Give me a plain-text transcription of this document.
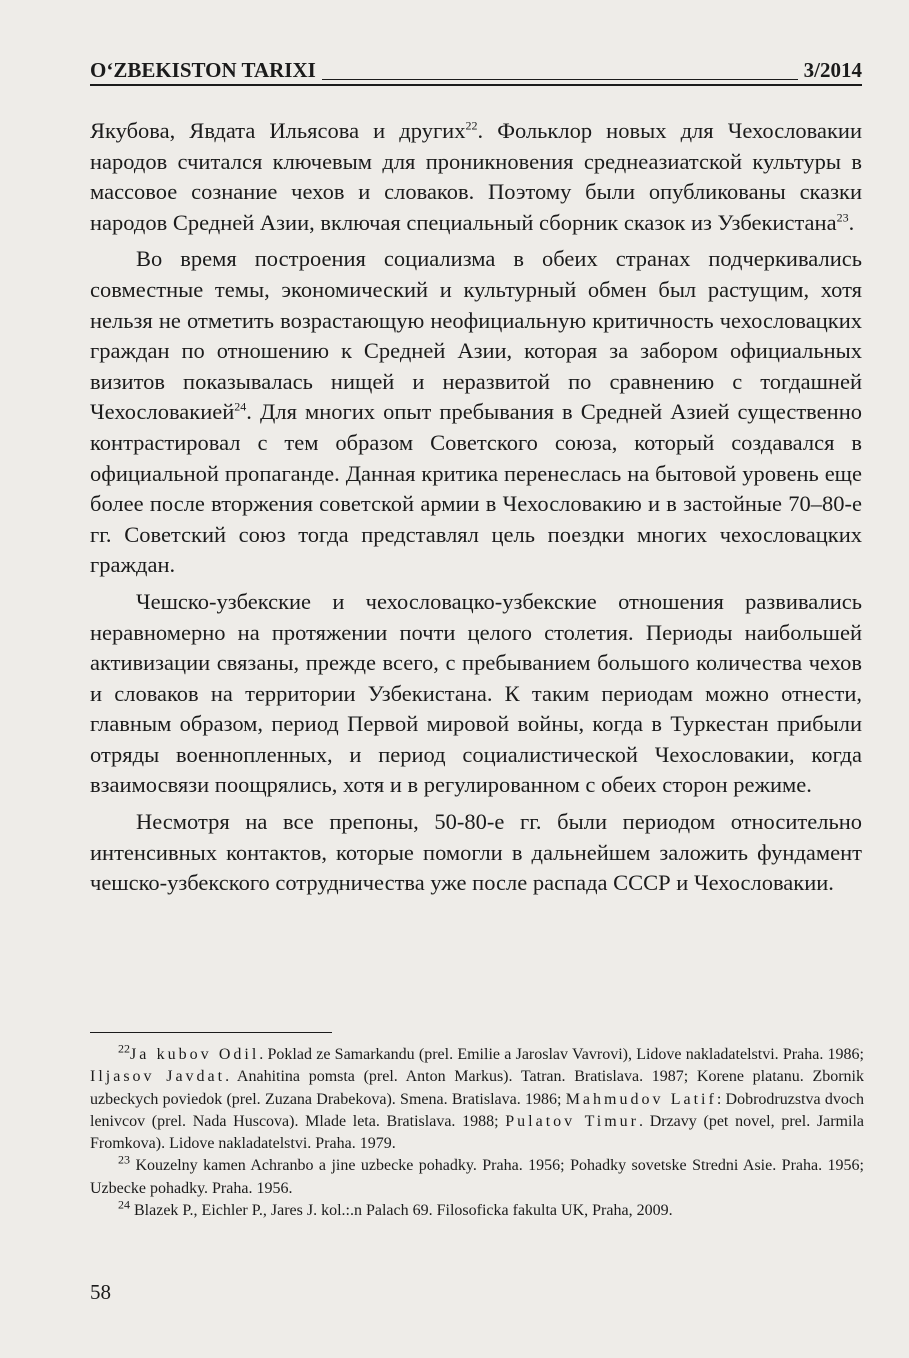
O‘ZBEKISTON TARIXI	3/2014

Якубова, Явдата Ильясова и других$^{22}$. Фольклор новых для Чехословакии народов считался ключевым для проникновения среднеазиатской культуры в массовое сознание чехов и словаков. Поэтому были опубликованы сказки народов Средней Азии, включая специальный сборник сказок из Узбекистана$^{23}$.

Во время построения социализма в обеих странах подчеркивались совместные темы, экономический и культурный обмен был растущим, хотя нельзя не отметить возрастающую неофициальную критичность чехословацких граждан по отношению к Средней Азии, которая за забором официальных визитов показывалась нищей и неразвитой по сравнению с тогдашней Чехословакией$^{24}$. Для многих опыт пребывания в Средней Азией существенно контрастировал с тем образом Советского союза, который создавался в официальной пропаганде. Данная критика перенеслась на бытовой уровень еще более после вторжения советской армии в Чехословакию и в застойные 70–80-е гг. Советский союз тогда представлял цель поездки многих чехословацких граждан.

Чешско-узбекские и чехословацко-узбекские отношения развивались неравномерно на протяжении почти целого столетия. Периоды наибольшей активизации связаны, прежде всего, с пребыванием большого количества чехов и словаков на территории Узбекистана. К таким периодам можно отнести, главным образом, период Первой мировой войны, когда в Туркестан прибыли отряды военнопленных, и период социалистической Чехословакии, когда взаимосвязи поощрялись, хотя и в регулированном с обеих сторон режиме.

Несмотря на все препоны, 50-80-е гг. были периодом относительно интенсивных контактов, которые помогли в дальнейшем заложить фундамент чешско-узбекского сотрудничества уже после распада СССР и Чехословакии.

$^{22}$Ja kubov Odil. Poklad ze Samarkandu (prel. Emilie a Jaroslav Vavrovi), Lidove nakladatelstvi. Praha. 1986; Iljasov Javdat. Anahitina pomsta (prel. Anton Markus). Tatran. Bratislava. 1987; Korene platanu. Zbornik uzbeckych poviedok (prel. Zuzana Drabekova). Smena. Bratislava. 1986; Mahmudov Latif: Dobrodruzstva dvoch lenivcov (prel. Nada Huscova). Mlade leta. Bratislava. 1988; Pulatov Timur. Drzavy (pet novel, prel. Jarmila Fromkova). Lidove nakladatelstvi. Praha. 1979.

$^{23}$ Kouzelny kamen Achranbo a jine uzbecke pohadky. Praha. 1956; Pohadky sovetske Stredni Asie. Praha. 1956; Uzbecke pohadky. Praha. 1956.

$^{24}$ Blazek P., Eichler P., Jares J. kol.:.n Palach 69. Filosoficka fakulta UK, Praha, 2009.

58
